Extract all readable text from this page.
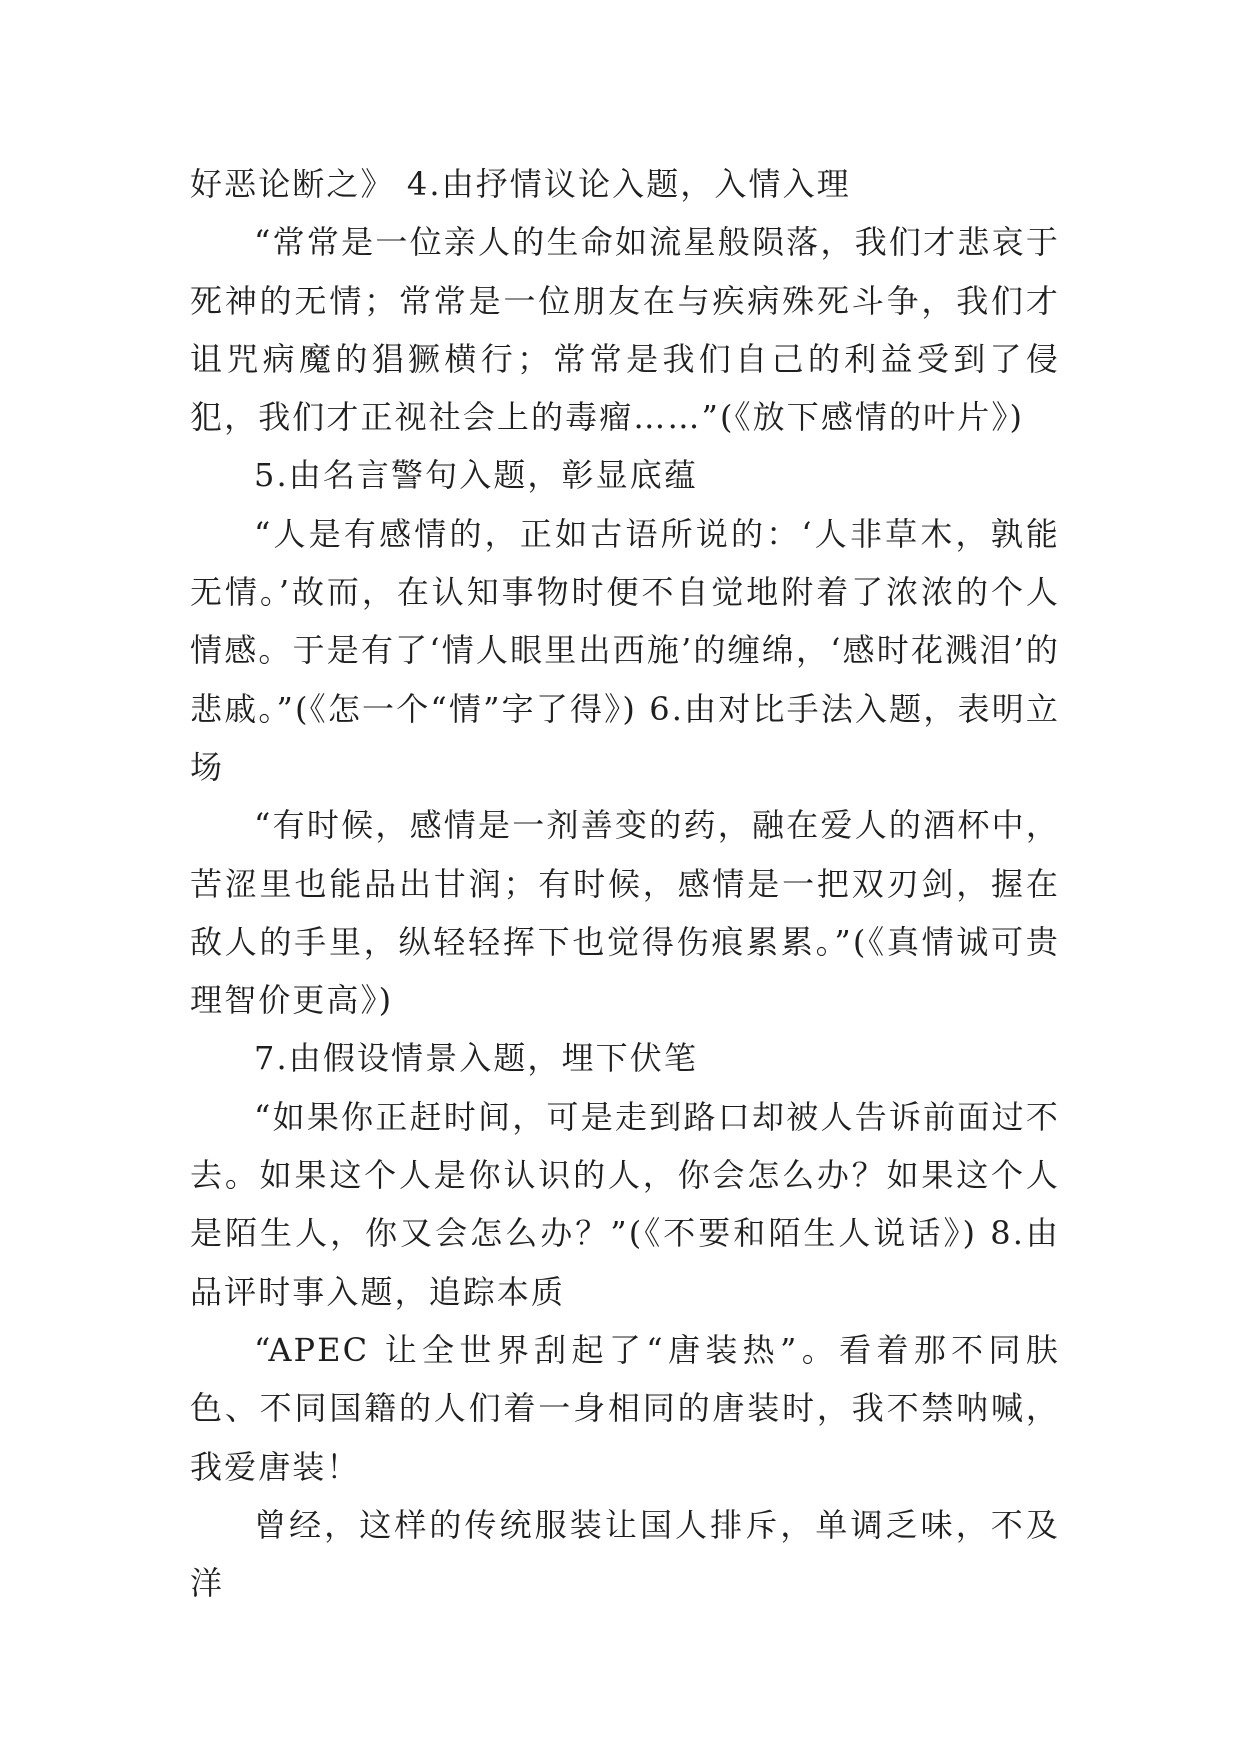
好恶论断之》 4.由抒情议论入题，入情入理

“常常是一位亲人的生命如流星般陨落，我们才悲哀于死神的无情；常常是一位朋友在与疾病殊死斗争，我们才诅咒病魔的猖獗横行；常常是我们自己的利益受到了侵犯，我们才正视社会上的毒瘤……”(《放下感情的叶片》)

5.由名言警句入题，彰显底蕴

“人是有感情的，正如古语所说的：‘人非草木，孰能无情。’故而，在认知事物时便不自觉地附着了浓浓的个人情感。于是有了‘情人眼里出西施’的缠绵，‘感时花溅泪’的悲戚。”(《怎一个“情”字了得》) 6.由对比手法入题，表明立场

“有时候，感情是一剂善变的药，融在爱人的酒杯中，苦涩里也能品出甘润；有时候，感情是一把双刃剑，握在敌人的手里，纵轻轻挥下也觉得伤痕累累。”(《真情诚可贵理智价更高》)

7.由假设情景入题，埋下伏笔

“如果你正赶时间，可是走到路口却被人告诉前面过不去。如果这个人是你认识的人，你会怎么办？如果这个人是陌生人，你又会怎么办？”(《不要和陌生人说话》) 8.由品评时事入题，追踪本质

“APEC 让全世界刮起了“唐装热”。看着那不同肤色、不同国籍的人们着一身相同的唐装时，我不禁呐喊，我爱唐装！

曾经，这样的传统服装让国人排斥，单调乏味，不及洋
